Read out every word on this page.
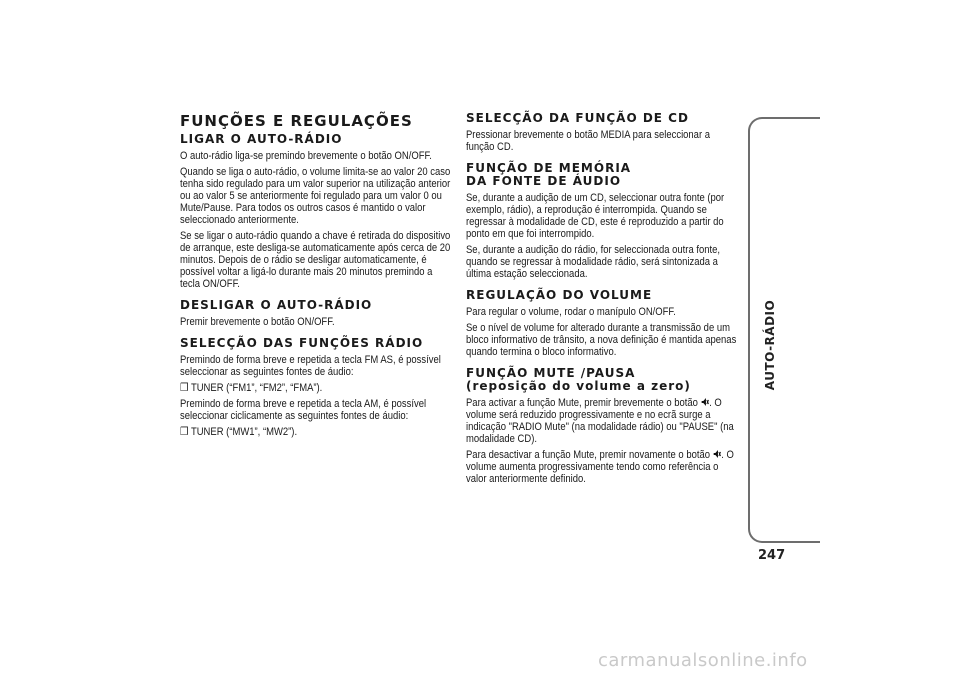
FUNÇÕES E REGULAÇÕES
LIGAR O AUTO-RÁDIO

O auto-rádio liga-se premindo brevemente o botão ON/OFF.

Quando se liga o auto-rádio, o volume limita-se ao valor 20 caso tenha sido regulado para um valor superior na utilização anterior ou ao valor 5 se anteriormente foi regulado para um valor 0 ou Mute/Pause. Para todos os outros casos é mantido o valor seleccionado anteriormente.

Se se ligar o auto-rádio quando a chave é retirada do dispositivo de arranque, este desliga-se automaticamente após cerca de 20 minutos. Depois de o rádio se desligar automaticamente, é possível voltar a ligá-lo durante mais 20 minutos premindo a tecla ON/OFF.

DESLIGAR O AUTO-RÁDIO

Premir brevemente o botão ON/OFF.

SELECÇÃO DAS FUNÇÕES RÁDIO

Premindo de forma breve e repetida a tecla FM AS, é possível seleccionar as seguintes fontes de áudio:

❒ TUNER (“FM1”, “FM2”, “FMA”).

Premindo de forma breve e repetida a tecla AM, é possível seleccionar ciclicamente as seguintes fontes de áudio:

❒ TUNER (“MW1”, “MW2”).

SELECÇÃO DA FUNÇÃO DE CD

Pressionar brevemente o botão MEDIA para seleccionar a função CD.

FUNÇÃO DE MEMÓRIA
DA FONTE DE ÁUDIO

Se, durante a audição de um CD, seleccionar outra fonte (por exemplo, rádio), a reprodução é interrompida. Quando se regressar à modalidade de CD, este é reproduzido a partir do ponto em que foi interrompido.

Se, durante a audição do rádio, for seleccionada outra fonte, quando se regressar à modalidade rádio, será sintonizada a última estação seleccionada.

REGULAÇÃO DO VOLUME

Para regular o volume, rodar o manípulo ON/OFF.

Se o nível de volume for alterado durante a transmissão de um bloco informativo de trânsito, a nova definição é mantida apenas quando termina o bloco informativo.

FUNÇÃO MUTE /PAUSA
(reposição do volume a zero)

Para activar a função Mute, premir brevemente o botão . O volume será reduzido progressivamente e no ecrã surge a indicação "RADIO Mute" (na modalidade rádio) ou "PAUSE" (na modalidade CD).

Para desactivar a função Mute, premir novamente o botão . O volume aumenta progressivamente tendo como referência o valor anteriormente definido.

AUTO-RÁDIO
247
carmanualsonline.info
